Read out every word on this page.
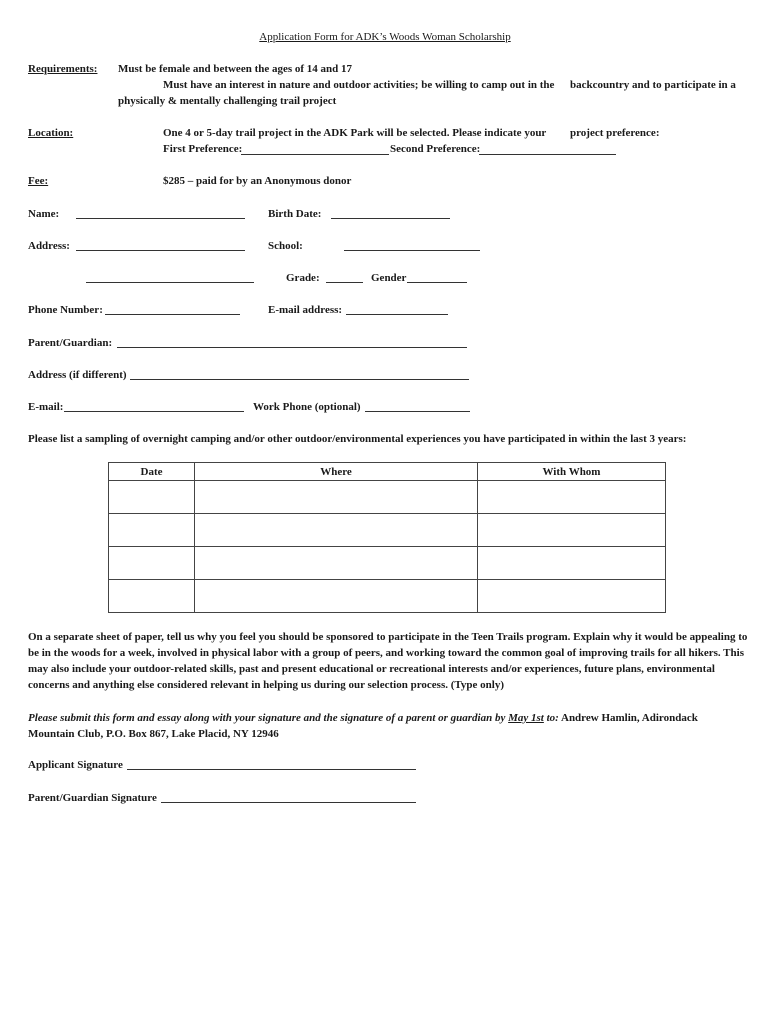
Application Form for ADK’s Woods Woman Scholarship
Requirements: Must be female and between the ages of 14 and 17
Must have an interest in nature and outdoor activities; be willing to camp out in the backcountry and to participate in a
physically & mentally challenging trail project
Location:	One 4 or 5-day trail project in the ADK Park will be selected. Please indicate your project preference:
First Preference:	Second Preference:
Fee:	$285 – paid for by an Anonymous donor
Name:	Birth Date:
Address:	School:
Grade:	Gender
Phone Number:	E-mail address:
Parent/Guardian:
Address (if different)
E-mail:	Work Phone (optional)
Please list a sampling of overnight camping and/or other outdoor/environmental experiences you have participated in within the last 3 years:
Date	Where	With Whom

On a separate sheet of paper, tell us why you feel you should be sponsored to participate in the Teen Trails program. Explain why it would be appealing to be in the woods for a week, involved in physical labor with a group of peers, and working toward the common goal of improving trails for all hikers. This may also include your outdoor-related skills, past and present educational or recreational interests and/or experiences, future plans, environmental concerns and anything else considered relevant in helping us during our selection process. (Type only)
Please submit this form and essay along with your signature and the signature of a parent or guardian by May 1st to: Andrew Hamlin, Adirondack
Mountain Club, P.O. Box 867, Lake Placid, NY 12946
Applicant Signature
Parent/Guardian Signature
